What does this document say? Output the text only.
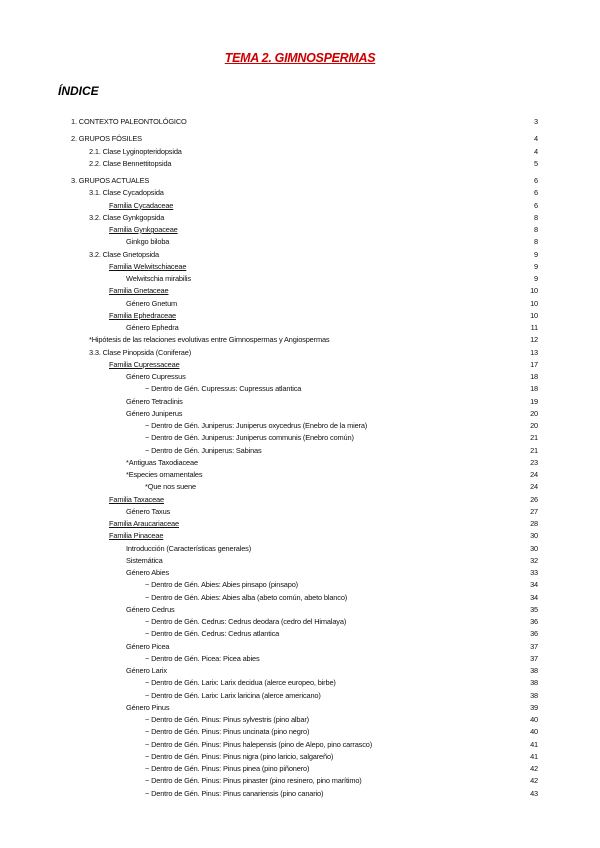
TEMA 2. GIMNOSPERMAS
ÍNDICE
1. CONTEXTO PALEONTOLÓGICO	3
2. GRUPOS FÓSILES	4
2.1. Clase Lyginopteridopsida	4
2.2. Clase Bennettitopsida	5
3. GRUPOS ACTUALES	6
3.1. Clase Cycadopsida	6
Familia Cycadaceae	6
3.2. Clase Gynkgopsida	8
Familia Gynkgoaceae	8
Ginkgo biloba	8
3.2. Clase Gnetopsida	9
Familia Welwitschiaceae	9
Welwitschia mirabilis	9
Familia Gnetaceae	10
Género Gnetum	10
Familia Ephedraceae	10
Género Ephedra	11
*Hipótesis de las relaciones evolutivas entre Gimnospermas y Angiospermas	12
3.3. Clase Pinopsida (Coniferae)	13
Familia Cupressaceae	17
Género Cupressus	18
~ Dentro de Gén. Cupressus: Cupressus atlantica	18
Género Tetraclinis	19
Género Juniperus	20
~ Dentro de Gén. Juniperus: Juniperus oxycedrus (Enebro de la miera)	20
~ Dentro de Gén. Juniperus: Juniperus communis (Enebro común)	21
~ Dentro de Gén. Juniperus: Sabinas	21
*Antiguas Taxodiaceae	23
*Especies ornamentales	24
*Que nos suene	24
Familia Taxaceae	26
Género Taxus	27
Familia Araucariaceae	28
Familia Pinaceae	30
Introducción (Características generales)	30
Sistemática	32
Género Abies	33
~ Dentro de Gén. Abies: Abies pinsapo (pinsapo)	34
~ Dentro de Gén. Abies: Abies alba (abeto común, abeto blanco)	34
Género Cedrus	35
~ Dentro de Gén. Cedrus: Cedrus deodara (cedro del Himalaya)	36
~ Dentro de Gén. Cedrus: Cedrus atlantica	36
Género Picea	37
~ Dentro de Gén. Picea: Picea abies	37
Género Larix	38
~ Dentro de Gén. Larix: Larix decidua (alerce europeo, birbe)	38
~ Dentro de Gén. Larix: Larix laricina (alerce americano)	38
Género Pinus	39
~ Dentro de Gén. Pinus: Pinus sylvestris (pino albar)	40
~ Dentro de Gén. Pinus: Pinus uncinata (pino negro)	40
~ Dentro de Gén. Pinus: Pinus halepensis (pino de Alepo, pino carrasco)	41
~ Dentro de Gén. Pinus: Pinus nigra (pino laricio, salgareño)	41
~ Dentro de Gén. Pinus: Pinus pinea (pino piñonero)	42
~ Dentro de Gén. Pinus: Pinus pinaster (pino resinero, pino marítimo)	42
~ Dentro de Gén. Pinus: Pinus canariensis (pino canario)	43
